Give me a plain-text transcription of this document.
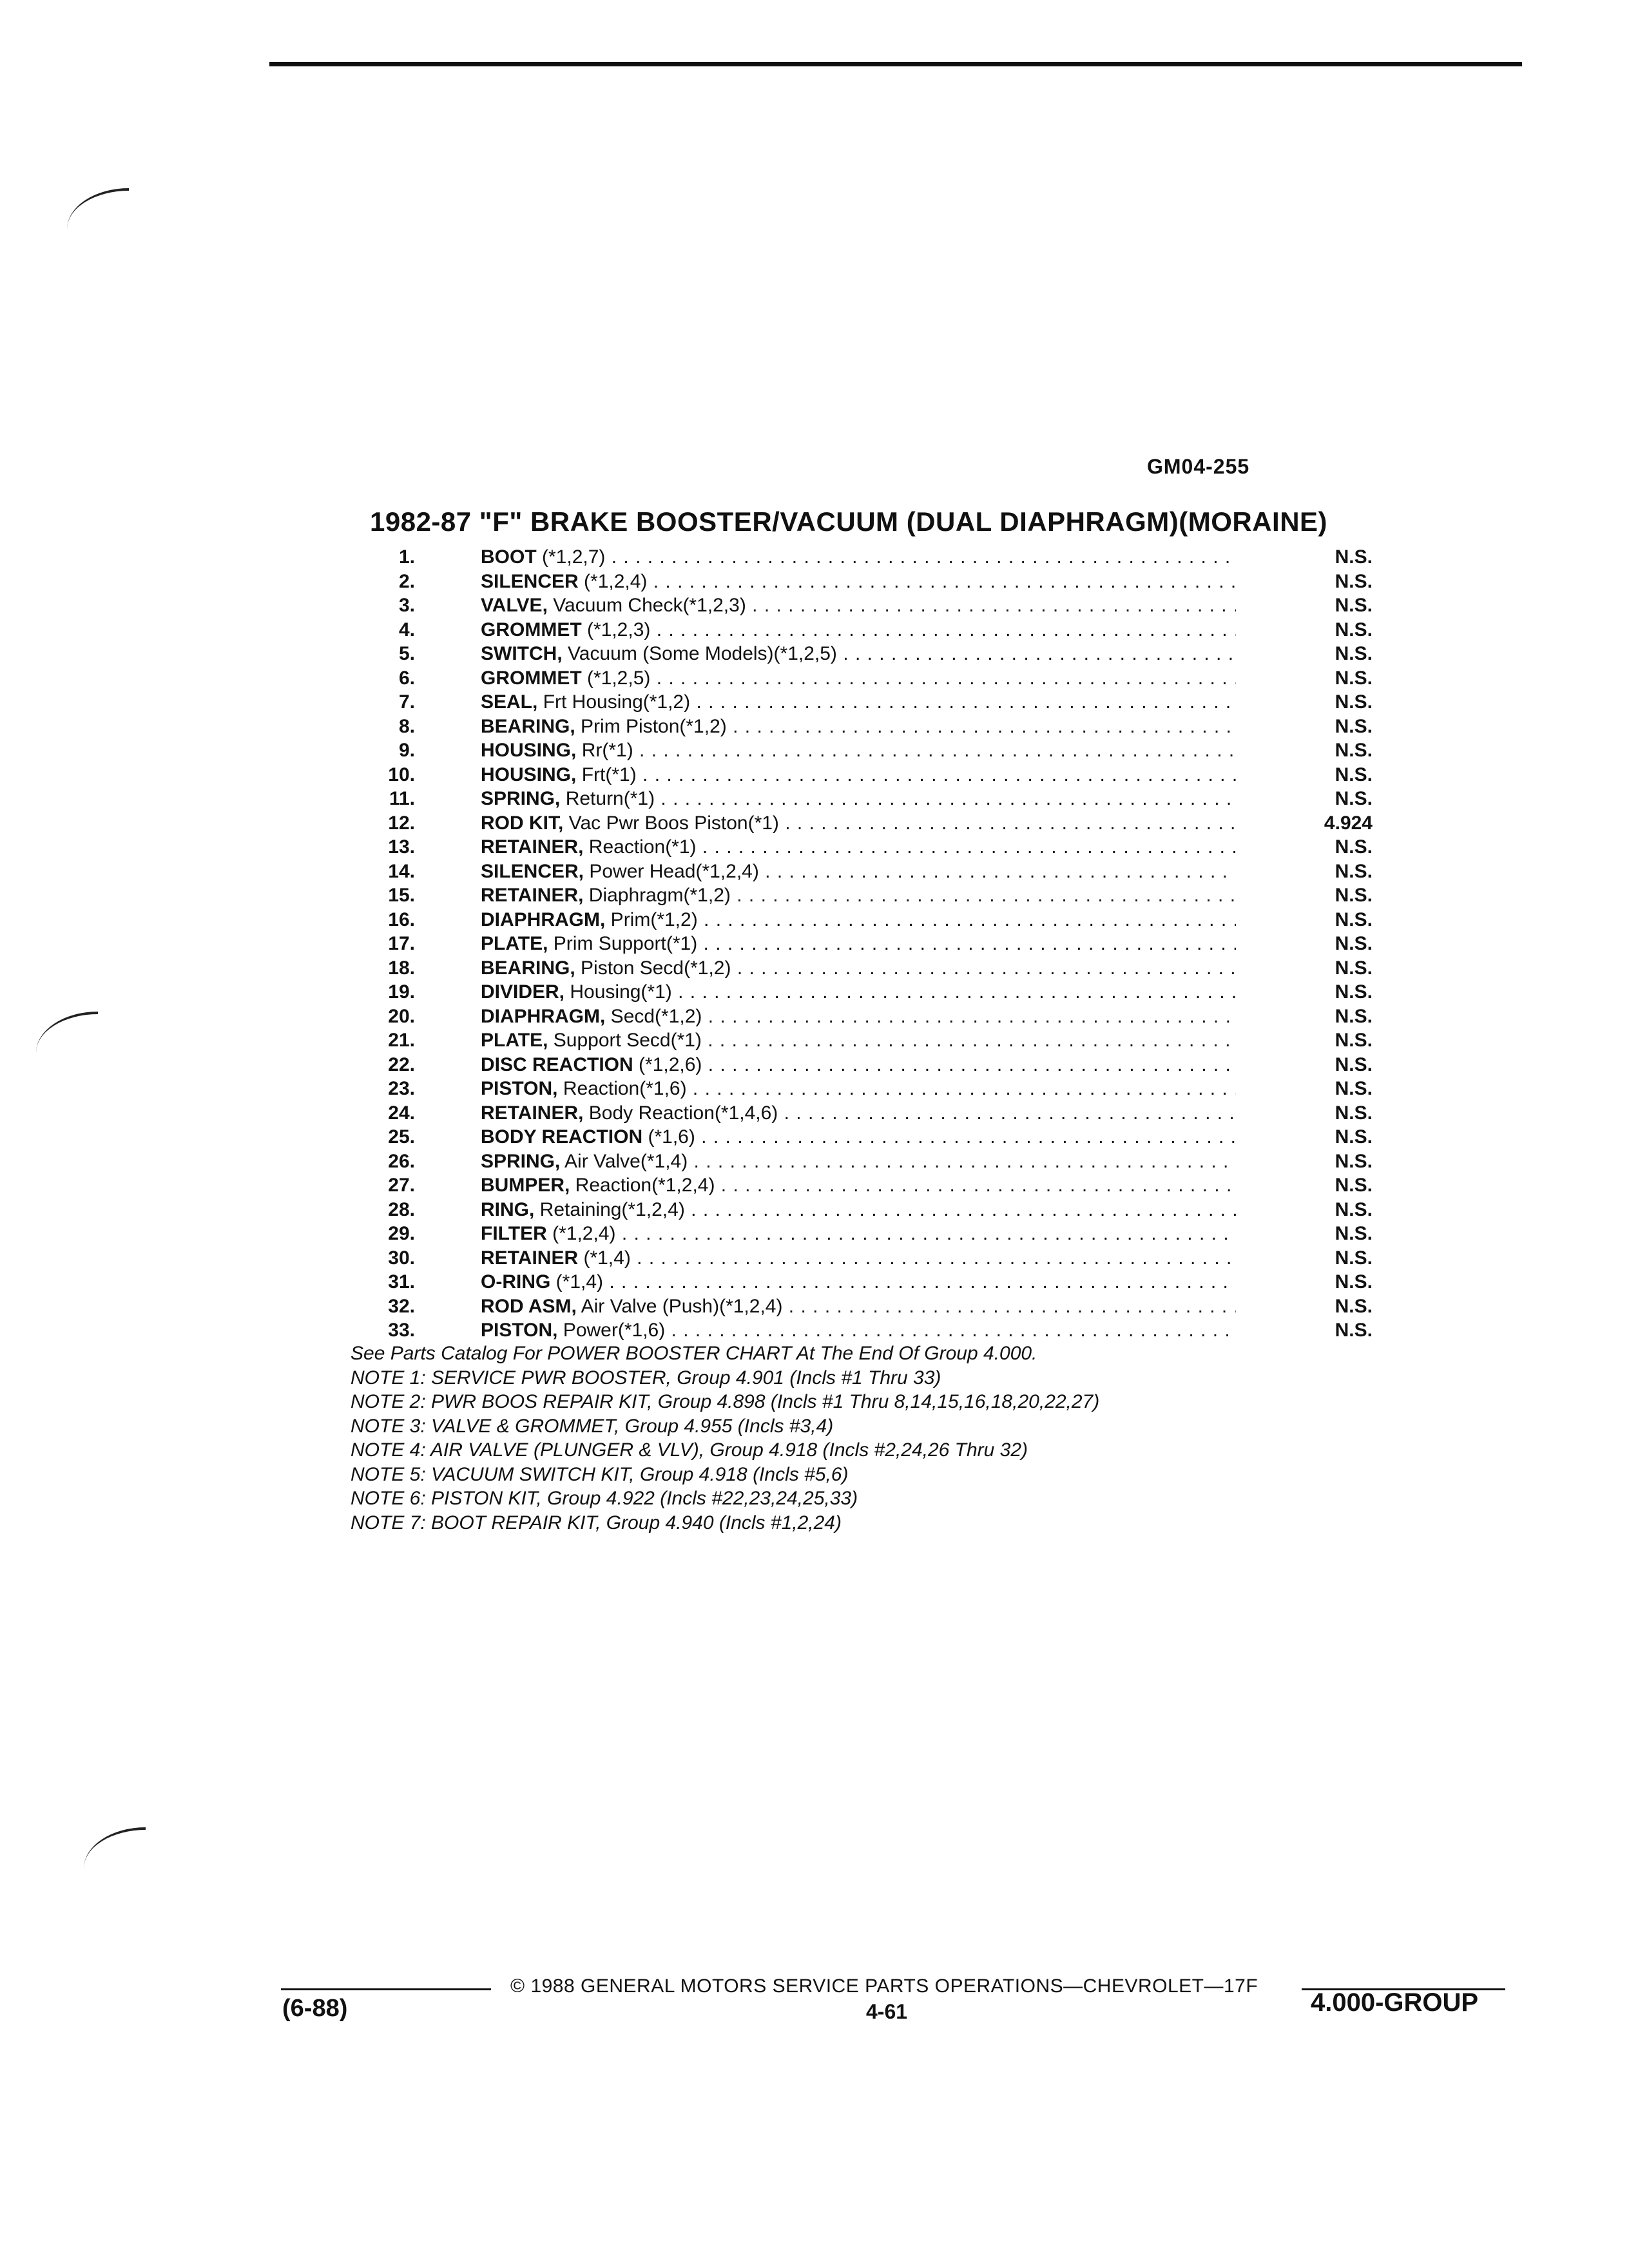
GM04-255
1982-87 "F" BRAKE BOOSTER/VACUUM (DUAL DIAPHRAGM)(MORAINE)
1.	BOOT (*1,2,7) . . .	N.S.
2.	SILENCER (*1,2,4) . . .	N.S.
3.	VALVE, Vacuum Check(*1,2,3) . . .	N.S.
4.	GROMMET (*1,2,3) . . .	N.S.
5.	SWITCH, Vacuum (Some Models)(*1,2,5) . . .	N.S.
6.	GROMMET (*1,2,5) . . .	N.S.
7.	SEAL, Frt Housing(*1,2) . . .	N.S.
8.	BEARING, Prim Piston(*1,2) . . .	N.S.
9.	HOUSING, Rr(*1) . . .	N.S.
10.	HOUSING, Frt(*1) . . .	N.S.
11.	SPRING, Return(*1) . . .	N.S.
12.	ROD KIT, Vac Pwr Boos Piston(*1) . . .	4.924
13.	RETAINER, Reaction(*1) . . .	N.S.
14.	SILENCER, Power Head(*1,2,4) . . .	N.S.
15.	RETAINER, Diaphragm(*1,2) . . .	N.S.
16.	DIAPHRAGM, Prim(*1,2) . . .	N.S.
17.	PLATE, Prim Support(*1) . . .	N.S.
18.	BEARING, Piston Secd(*1,2) . . .	N.S.
19.	DIVIDER, Housing(*1) . . .	N.S.
20.	DIAPHRAGM, Secd(*1,2) . . .	N.S.
21.	PLATE, Support Secd(*1) . . .	N.S.
22.	DISC REACTION (*1,2,6) . . .	N.S.
23.	PISTON, Reaction(*1,6) . . .	N.S.
24.	RETAINER, Body Reaction(*1,4,6) . . .	N.S.
25.	BODY REACTION (*1,6) . . .	N.S.
26.	SPRING, Air Valve(*1,4) . . .	N.S.
27.	BUMPER, Reaction(*1,2,4) . . .	N.S.
28.	RING, Retaining(*1,2,4) . . .	N.S.
29.	FILTER (*1,2,4) . . .	N.S.
30.	RETAINER (*1,4) . . .	N.S.
31.	O-RING (*1,4) . . .	N.S.
32.	ROD ASM, Air Valve (Push)(*1,2,4) . . .	N.S.
33.	PISTON, Power(*1,6) . . .	N.S.
See Parts Catalog For POWER BOOSTER CHART At The End Of Group 4.000.
NOTE 1: SERVICE PWR BOOSTER, Group 4.901 (Incls #1 Thru 33)
NOTE 2: PWR BOOS REPAIR KIT, Group 4.898 (Incls #1 Thru 8,14,15,16,18,20,22,27)
NOTE 3: VALVE & GROMMET, Group 4.955 (Incls #3,4)
NOTE 4: AIR VALVE (PLUNGER & VLV), Group 4.918 (Incls #2,24,26 Thru 32)
NOTE 5: VACUUM SWITCH KIT, Group 4.918 (Incls #5,6)
NOTE 6: PISTON KIT, Group 4.922 (Incls #22,23,24,25,33)
NOTE 7: BOOT REPAIR KIT, Group 4.940 (Incls #1,2,24)
© 1988 GENERAL MOTORS SERVICE PARTS OPERATIONS—CHEVROLET—17F
(6-88)	4-61	4.000-GROUP
